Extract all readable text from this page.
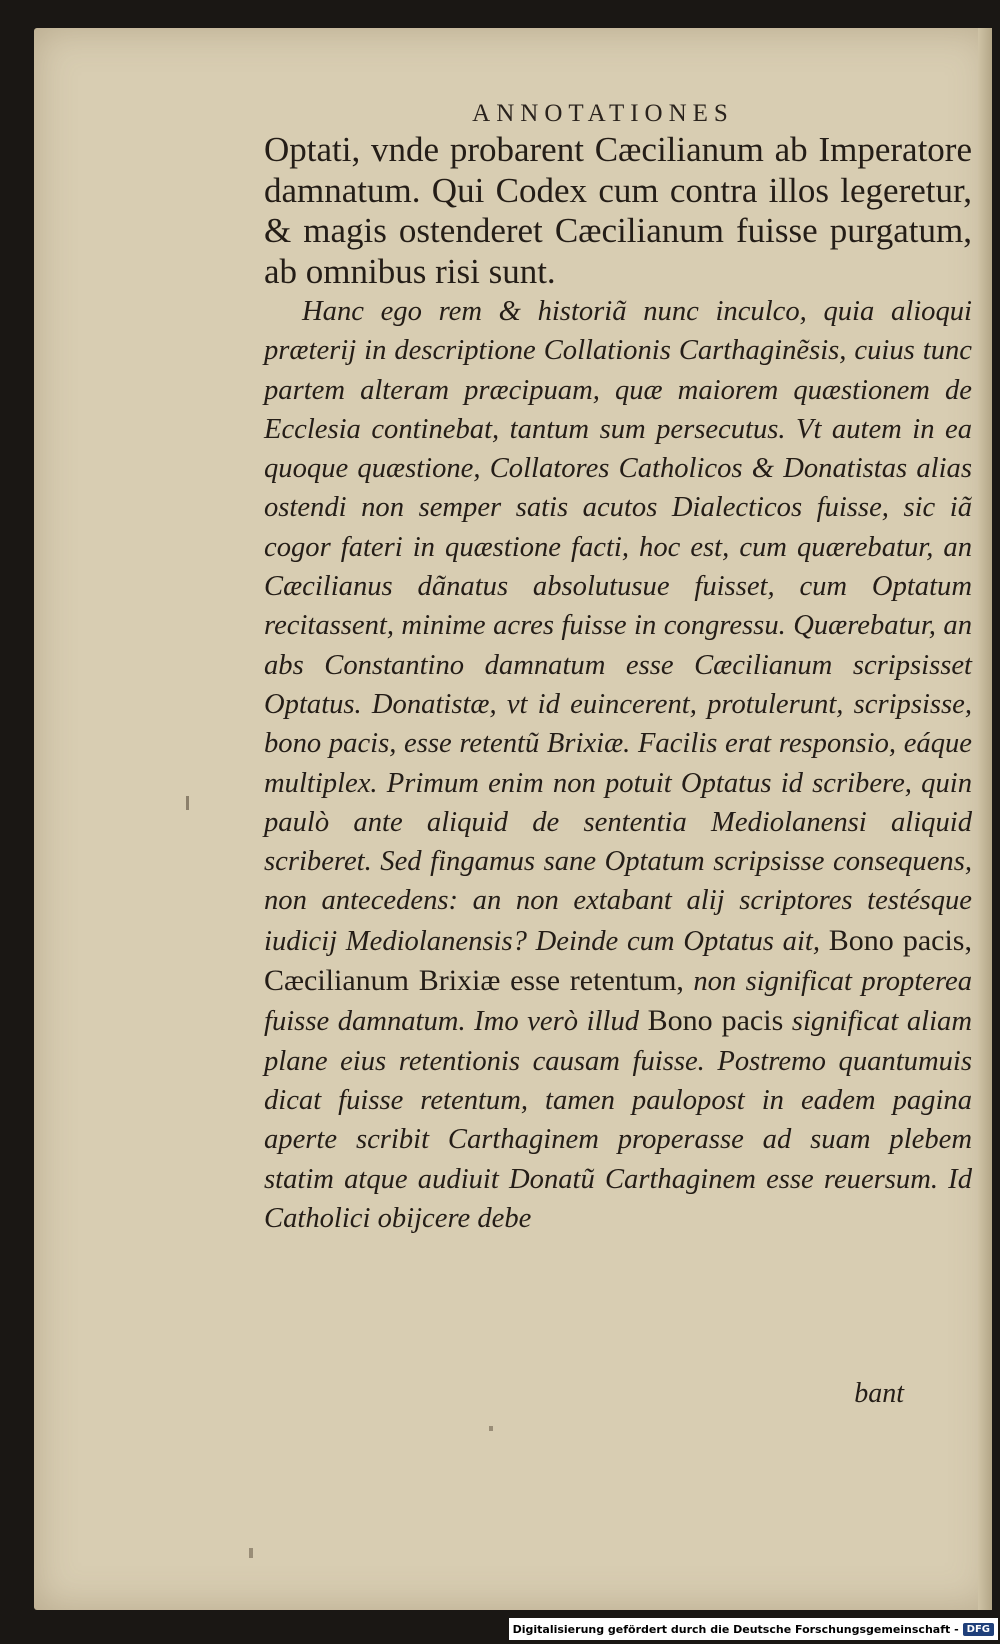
ANNOTATIONES

Optati, vnde probarent Cæcilianum ab Imperatore damnatum. Qui Codex cum contra illos legeretur, & magis ostenderet Cæcilianum fuisse purgatum, ab omnibus risi sunt.

Hanc ego rem & historiã nunc inculco, quia alioqui præterij in descriptione Collationis Carthaginẽsis, cuius tunc partem alteram præcipuam, quæ maiorem quæstionem de Ecclesia continebat, tantum sum persecutus. Vt autem in ea quoque quæstione, Collatores Catholicos & Donatistas alias ostendi non semper satis acutos Dialecticos fuisse, sic iã cogor fateri in quæstione facti, hoc est, cum quærebatur, an Cæcilianus dãnatus absolutusue fuisset, cum Optatum recitassent, minime acres fuisse in congressu. Quærebatur, an abs Constantino damnatum esse Cæcilianum scripsisset Optatus. Donatistæ, vt id euincerent, protulerunt, scripsisse, bono pacis, esse retentũ Brixiæ. Facilis erat responsio, eáque multiplex. Primum enim non potuit Optatus id scribere, quin paulò ante aliquid de sententia Mediolanensi aliquid scriberet. Sed fingamus sane Optatum scripsisse consequens, non antecedens: an non extabant alij scriptores testésque iudicij Mediolanensis? Deinde cum Optatus ait, Bono pacis, Cæcilianum Brixiæ esse retentum, non significat propterea fuisse damnatum. Imo verò illud Bono pacis significat aliam plane eius retentionis causam fuisse. Postremo quantumuis dicat fuisse retentum, tamen paulopost in eadem pagina aperte scribit Carthaginem properasse ad suam plebem statim atque audiuit Donatũ Carthaginem esse reuersum. Id Catholici obijcere debe

bant
Digitalisierung gefördert durch die Deutsche Forschungsgemeinschaft - DFG
